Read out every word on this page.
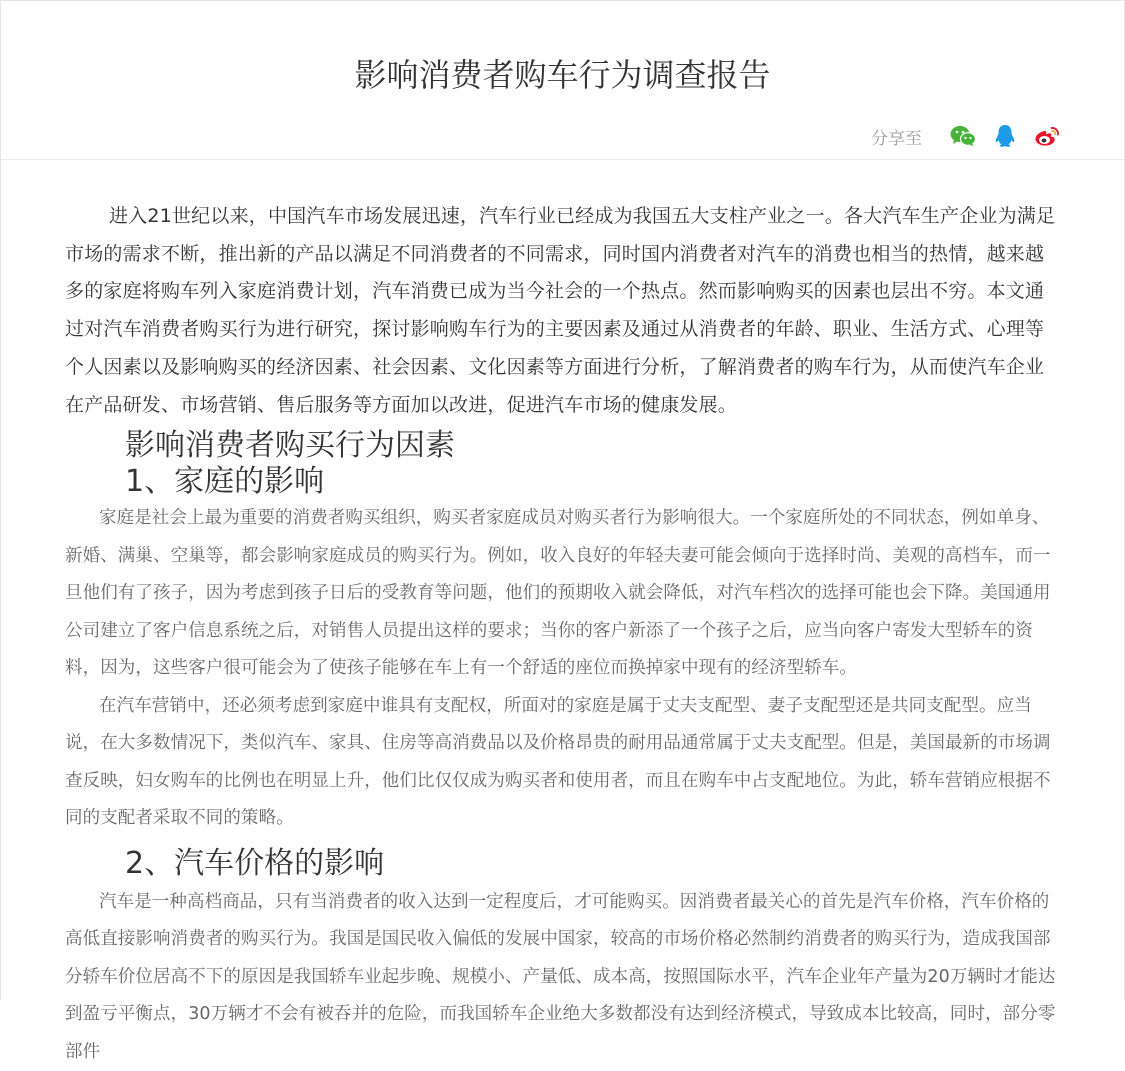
影响消费者购车行为调查报告
分享至

进入21世纪以来，中国汽车市场发展迅速，汽车行业已经成为我国五大支柱产业之一。各大汽车生产企业为满足市场的需求不断，推出新的产品以满足不同消费者的不同需求，同时国内消费者对汽车的消费也相当的热情，越来越多的家庭将购车列入家庭消费计划，汽车消费已成为当今社会的一个热点。然而影响购买的因素也层出不穷。本文通过对汽车消费者购买行为进行研究，探讨影响购车行为的主要因素及通过从消费者的年龄、职业、生活方式、心理等个人因素以及影响购买的经济因素、社会因素、文化因素等方面进行分析，了解消费者的购车行为，从而使汽车企业在产品研发、市场营销、售后服务等方面加以改进，促进汽车市场的健康发展。

影响消费者购买行为因素
1、家庭的影响

家庭是社会上最为重要的消费者购买组织，购买者家庭成员对购买者行为影响很大。一个家庭所处的不同状态，例如单身、新婚、满巢、空巢等，都会影响家庭成员的购买行为。例如，收入良好的年轻夫妻可能会倾向于选择时尚、美观的高档车，而一旦他们有了孩子，因为考虑到孩子日后的受教育等问题，他们的预期收入就会降低，对汽车档次的选择可能也会下降。美国通用公司建立了客户信息系统之后，对销售人员提出这样的要求；当你的客户新添了一个孩子之后，应当向客户寄发大型轿车的资料，因为，这些客户很可能会为了使孩子能够在车上有一个舒适的座位而换掉家中现有的经济型轿车。

在汽车营销中，还必须考虑到家庭中谁具有支配权，所面对的家庭是属于丈夫支配型、妻子支配型还是共同支配型。应当说，在大多数情况下，类似汽车、家具、住房等高消费品以及价格昂贵的耐用品通常属于丈夫支配型。但是，美国最新的市场调查反映，妇女购车的比例也在明显上升，他们比仅仅成为购买者和使用者，而且在购车中占支配地位。为此，轿车营销应根据不同的支配者采取不同的策略。

2、汽车价格的影响

汽车是一种高档商品，只有当消费者的收入达到一定程度后，才可能购买。因消费者最关心的首先是汽车价格，汽车价格的高低直接影响消费者的购买行为。我国是国民收入偏低的发展中国家，较高的市场价格必然制约消费者的购买行为，造成我国部分轿车价位居高不下的原因是我国轿车业起步晚、规模小、产量低、成本高，按照国际水平，汽车企业年产量为20万辆时才能达到盈亏平衡点，30万辆才不会有被吞并的危险，而我国轿车企业绝大多数都没有达到经济模式，导致成本比较高，同时，部分零部件
